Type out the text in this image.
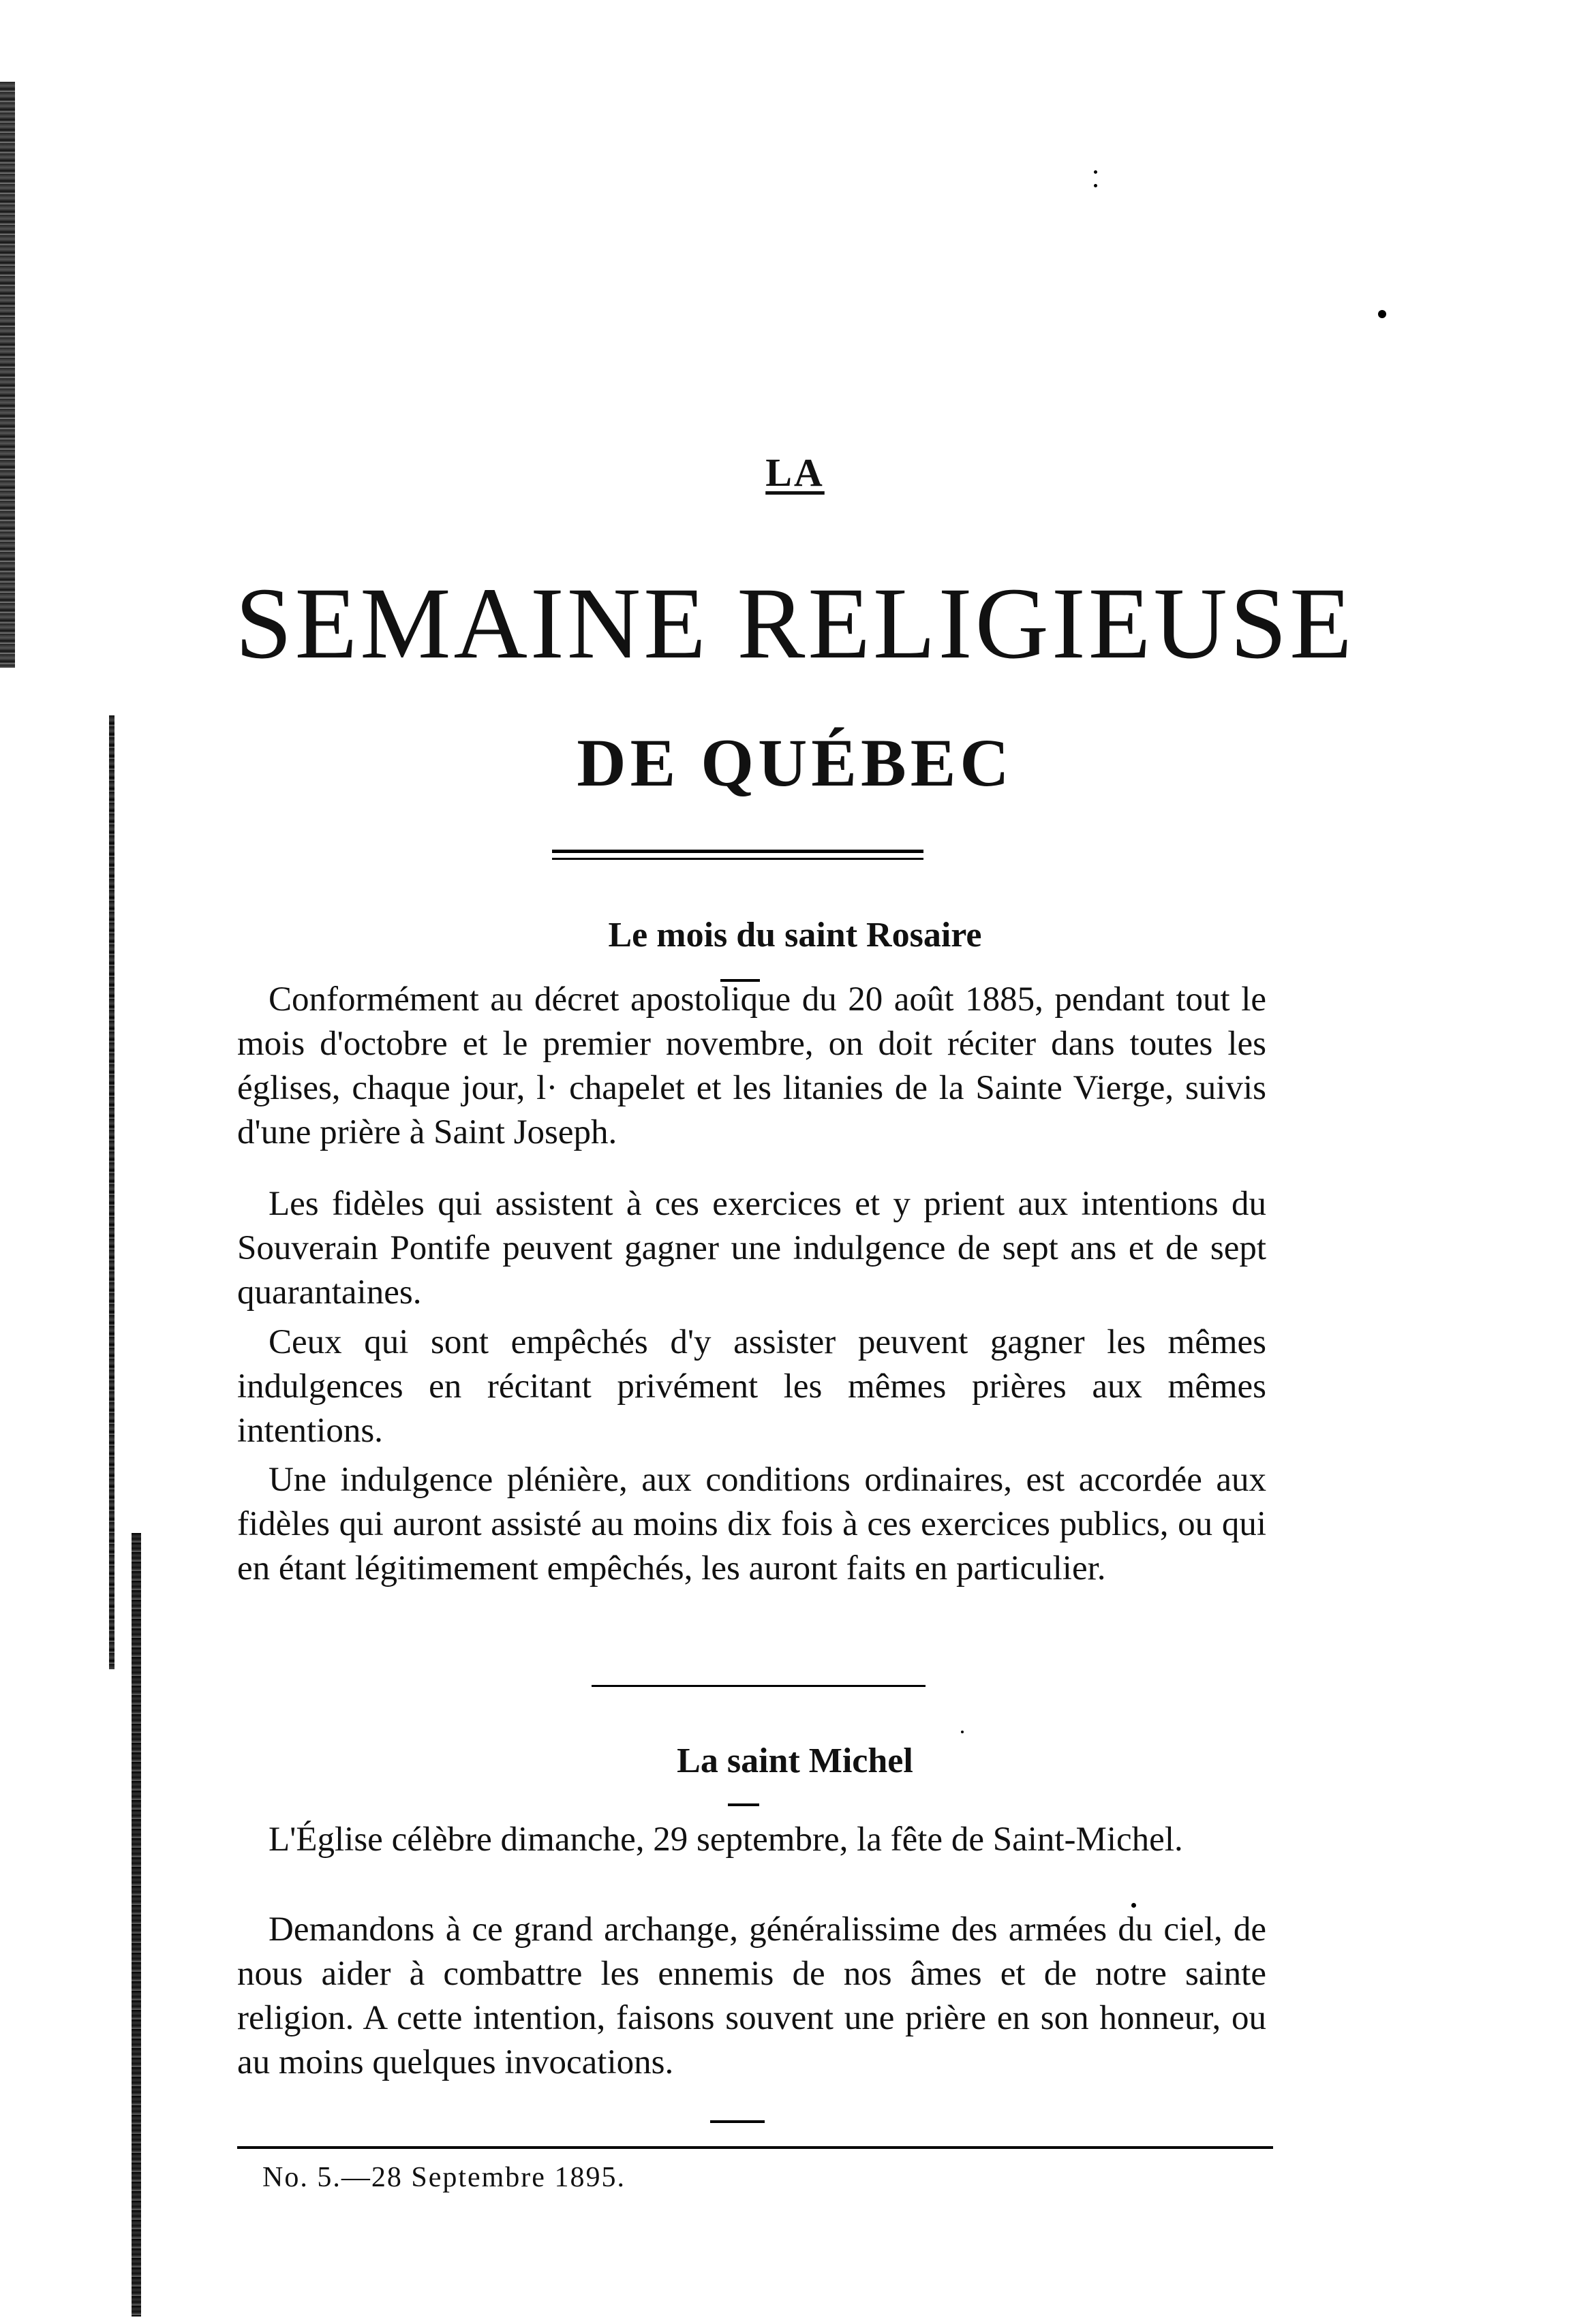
LA
SEMAINE RELIGIEUSE
DE QUÉBEC
Le mois du saint Rosaire

Conformément au décret apostolique du 20 août 1885, pendant tout le mois d'octobre et le premier novembre, on doit réciter dans toutes les églises, chaque jour, l· chapelet et les litanies de la Sainte Vierge, suivis d'une prière à Saint Joseph.

Les fidèles qui assistent à ces exercices et y prient aux intentions du Souverain Pontife peuvent gagner une indulgence de sept ans et de sept quarantaines.

Ceux qui sont empêchés d'y assister peuvent gagner les mêmes indulgences en récitant privément les mêmes prières aux mêmes intentions.

Une indulgence plénière, aux conditions ordinaires, est accordée aux fidèles qui auront assisté au moins dix fois à ces exercices publics, ou qui en étant légitimement empêchés, les auront faits en particulier.

La saint Michel

L'Église célèbre dimanche, 29 septembre, la fête de Saint-Michel.

Demandons à ce grand archange, généralissime des armées du ciel, de nous aider à combattre les ennemis de nos âmes et de notre sainte religion. A cette intention, faisons souvent une prière en son honneur, ou au moins quelques invocations.

No. 5.—28 Septembre 1895.
